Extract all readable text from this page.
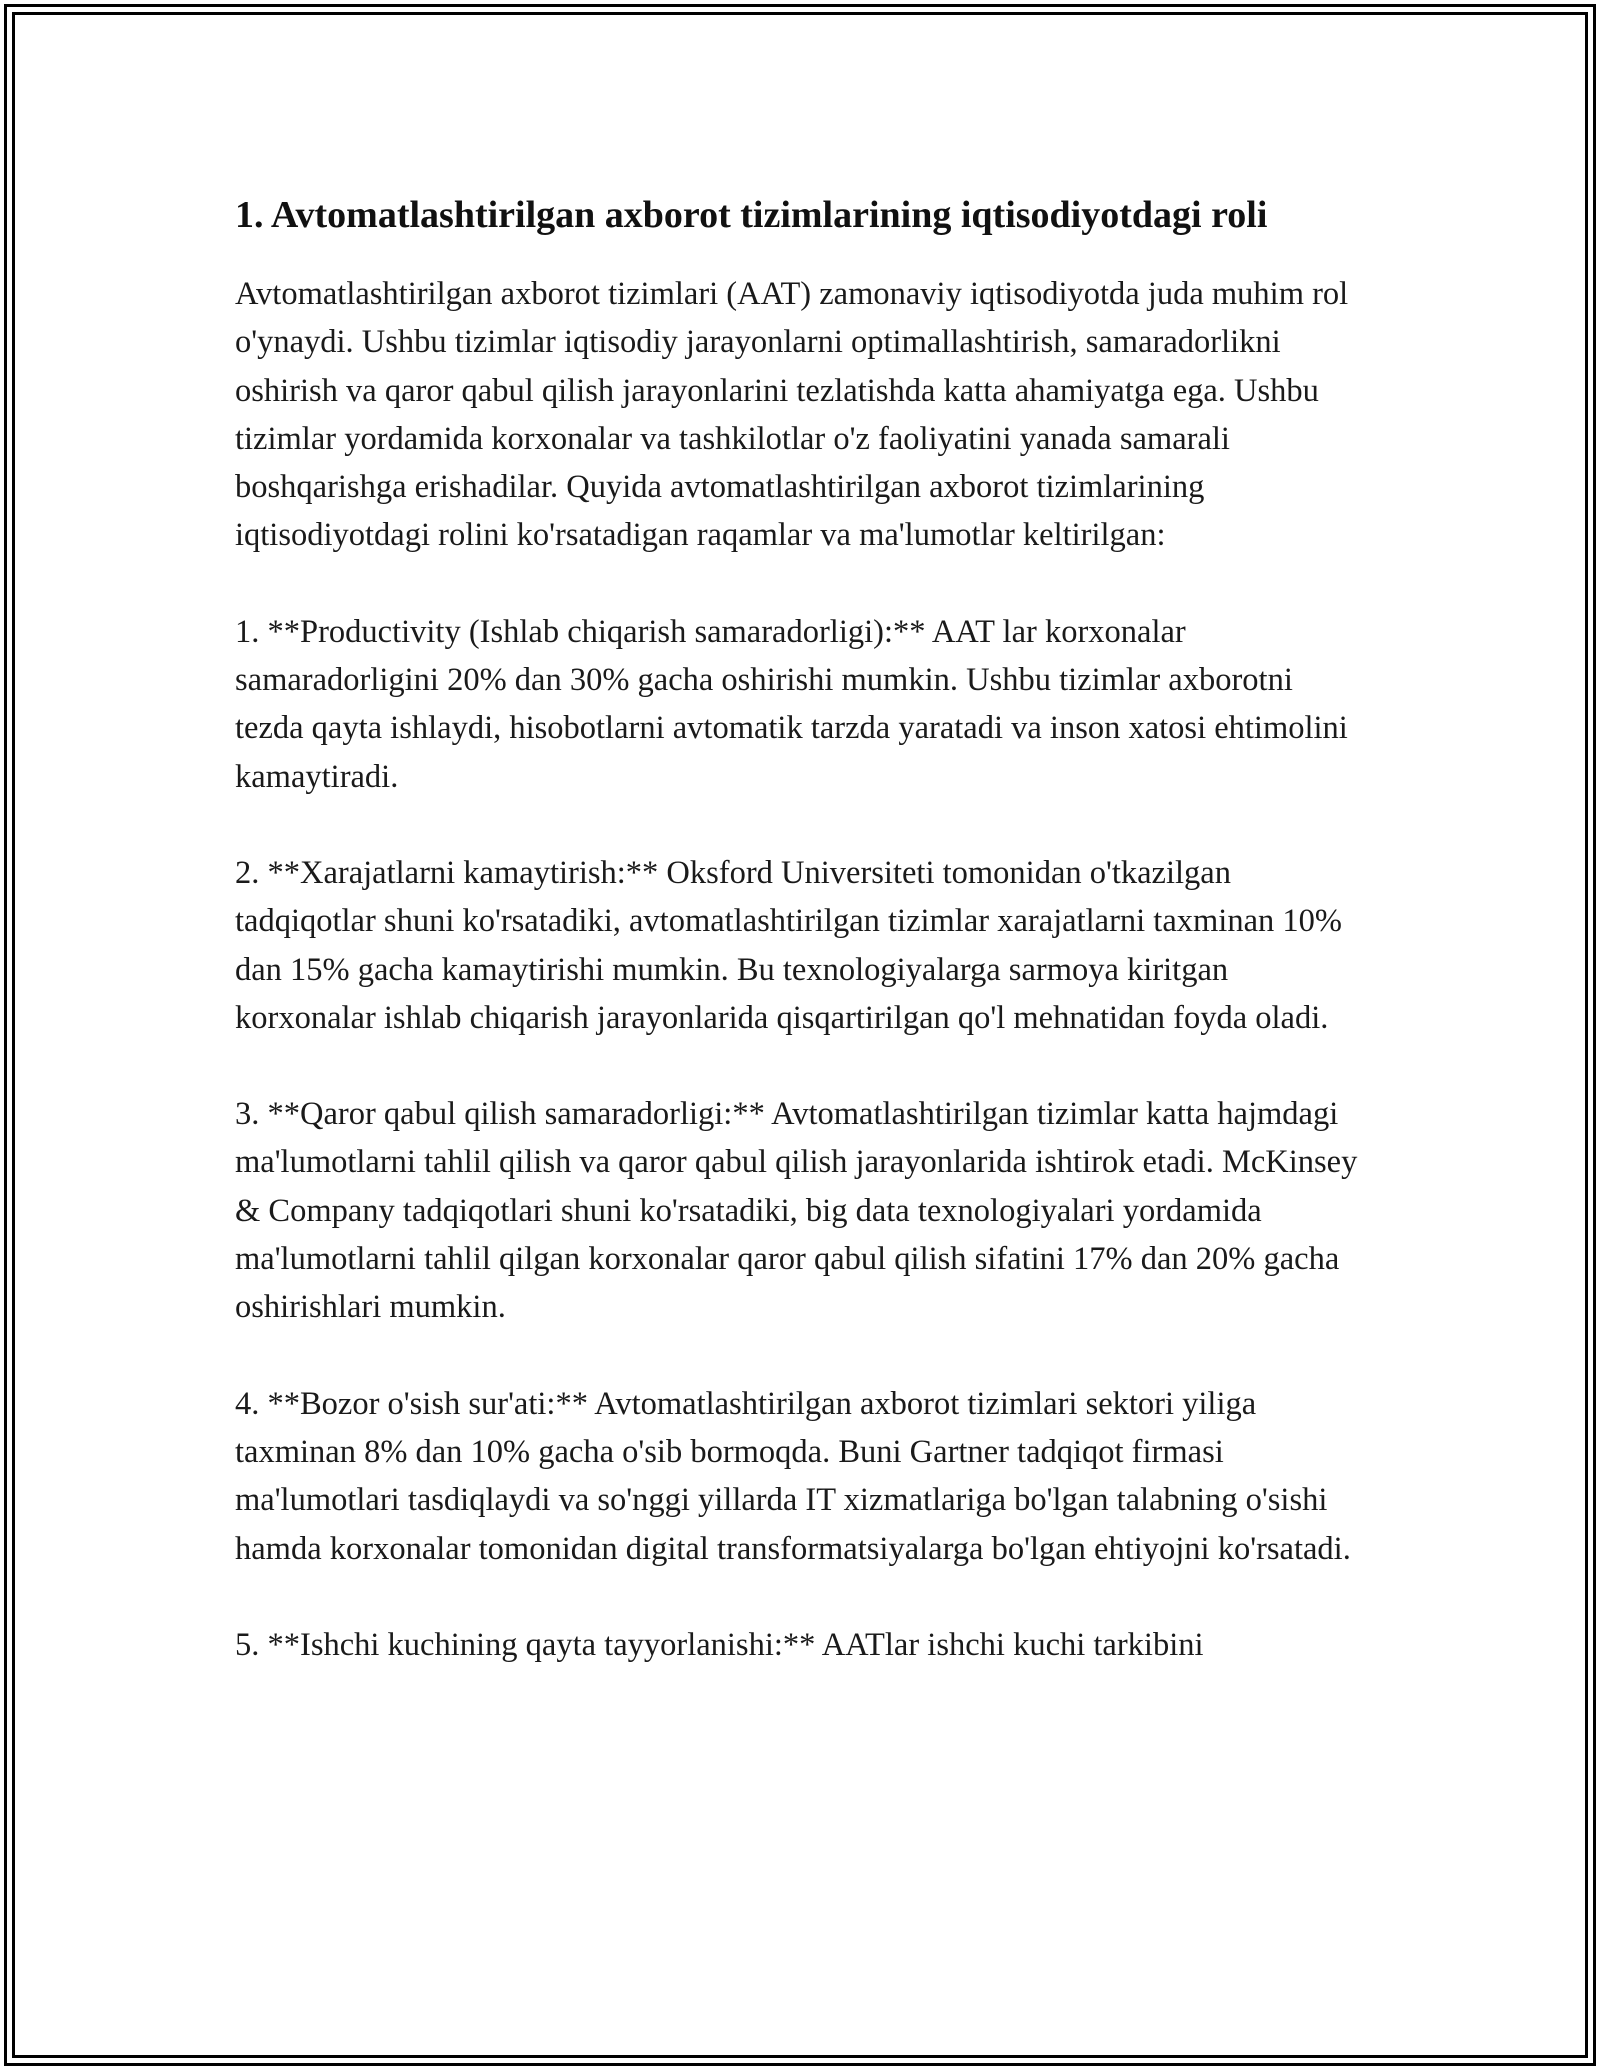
1. Avtomatlashtirilgan axborot tizimlarining iqtisodiyotdagi roli

Avtomatlashtirilgan axborot tizimlari (AAT) zamonaviy iqtisodiyotda juda muhim rol o'ynaydi. Ushbu tizimlar iqtisodiy jarayonlarni optimallashtirish, samaradorlikni oshirish va qaror qabul qilish jarayonlarini tezlatishda katta ahamiyatga ega. Ushbu tizimlar yordamida korxonalar va tashkilotlar o'z faoliyatini yanada samarali boshqarishga erishadilar. Quyida avtomatlashtirilgan axborot tizimlarining iqtisodiyotdagi rolini ko'rsatadigan raqamlar va ma'lumotlar keltirilgan:

1. **Productivity (Ishlab chiqarish samaradorligi):** AAT lar korxonalar samaradorligini 20% dan 30% gacha oshirishi mumkin. Ushbu tizimlar axborotni tezda qayta ishlaydi, hisobotlarni avtomatik tarzda yaratadi va inson xatosi ehtimolini kamaytiradi.

2. **Xarajatlarni kamaytirish:** Oksford Universiteti tomonidan o'tkazilgan tadqiqotlar shuni ko'rsatadiki, avtomatlashtirilgan tizimlar xarajatlarni taxminan 10% dan 15% gacha kamaytirishi mumkin. Bu texnologiyalarga sarmoya kiritgan korxonalar ishlab chiqarish jarayonlarida qisqartirilgan qo'l mehnatidan foyda oladi.

3. **Qaror qabul qilish samaradorligi:** Avtomatlashtirilgan tizimlar katta hajmdagi ma'lumotlarni tahlil qilish va qaror qabul qilish jarayonlarida ishtirok etadi. McKinsey & Company tadqiqotlari shuni ko'rsatadiki, big data texnologiyalari yordamida ma'lumotlarni tahlil qilgan korxonalar qaror qabul qilish sifatini 17% dan 20% gacha oshirishlari mumkin.

4. **Bozor o'sish sur'ati:** Avtomatlashtirilgan axborot tizimlari sektori yiliga taxminan 8% dan 10% gacha o'sib bormoqda. Buni Gartner tadqiqot firmasi ma'lumotlari tasdiqlaydi va so'nggi yillarda IT xizmatlariga bo'lgan talabning o'sishi hamda korxonalar tomonidan digital transformatsiyalarga bo'lgan ehtiyojni ko'rsatadi.

5. **Ishchi kuchining qayta tayyorlanishi:** AATlar ishchi kuchi tarkibini
